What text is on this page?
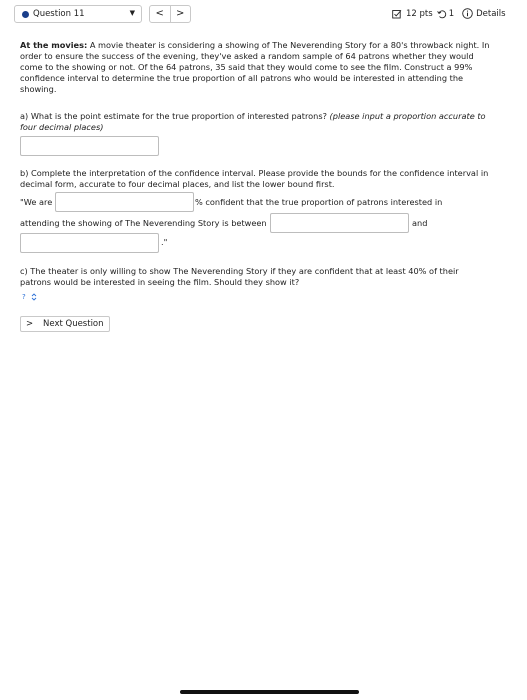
Question 11	▼	<	>	12 pts 1	Details

At the movies: A movie theater is considering a showing of The Neverending Story for a 80's throwback night. In order to ensure the success of the evening, they've asked a random sample of 64 patrons whether they would come to the showing or not. Of the 64 patrons, 35 said that they would come to see the film. Construct a 99% confidence interval to determine the true proportion of all patrons who would be interested in attending the showing.

a) What is the point estimate for the true proportion of interested patrons? (please input a proportion accurate to four decimal places)

b) Complete the interpretation of the confidence interval. Please provide the bounds for the confidence interval in decimal form, accurate to four decimal places, and list the lower bound first.

"We are	% confident that the true proportion of patrons interested in
attending the showing of The Neverending Story is between	and
."

c) The theater is only willing to show The Neverending Story if they are confident that at least 40% of their patrons would be interested in seeing the film. Should they show it?

?
> Next Question
